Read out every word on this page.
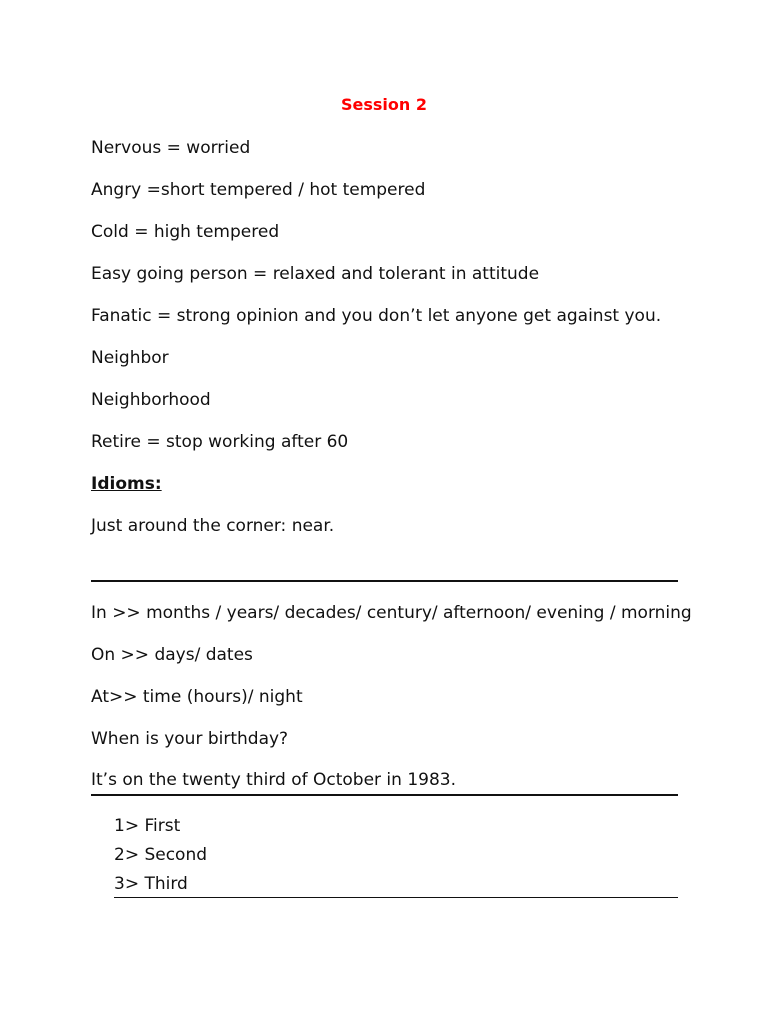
Session 2
Nervous = worried
Angry =short tempered / hot tempered
Cold = high tempered
Easy going person = relaxed and tolerant in attitude
Fanatic = strong opinion and you don’t let anyone get against you.
Neighbor
Neighborhood
Retire = stop working after 60
Idioms:
Just around the corner: near.
In >> months / years/ decades/ century/ afternoon/ evening / morning
On >> days/ dates
At>> time (hours)/ night
When is your birthday?
It’s on the twenty third of October in 1983.
1> First
2> Second
3> Third
